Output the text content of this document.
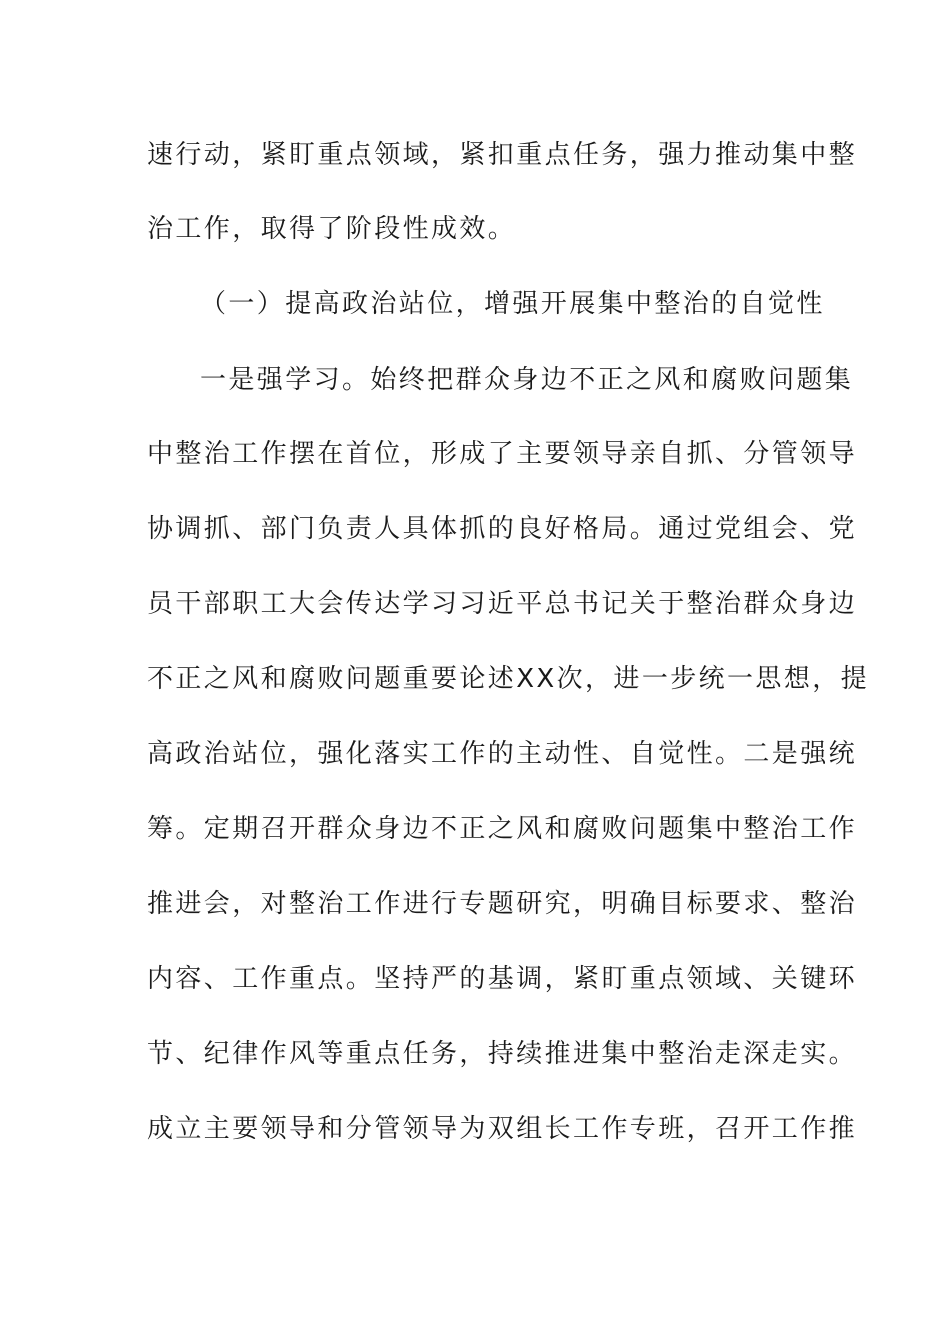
速行动，紧盯重点领域，紧扣重点任务，强力推动集中整
治工作，取得了阶段性成效。
（一）提高政治站位，增强开展集中整治的自觉性
一是强学习。始终把群众身边不正之风和腐败问题集
中整治工作摆在首位，形成了主要领导亲自抓、分管领导
协调抓、部门负责人具体抓的良好格局。通过党组会、党
员干部职工大会传达学习习近平总书记关于整治群众身边
不正之风和腐败问题重要论述XX次，进一步统一思想，提
高政治站位，强化落实工作的主动性、自觉性。二是强统
筹。定期召开群众身边不正之风和腐败问题集中整治工作
推进会，对整治工作进行专题研究，明确目标要求、整治
内容、工作重点。坚持严的基调，紧盯重点领域、关键环
节、纪律作风等重点任务，持续推进集中整治走深走实。
成立主要领导和分管领导为双组长工作专班，召开工作推
